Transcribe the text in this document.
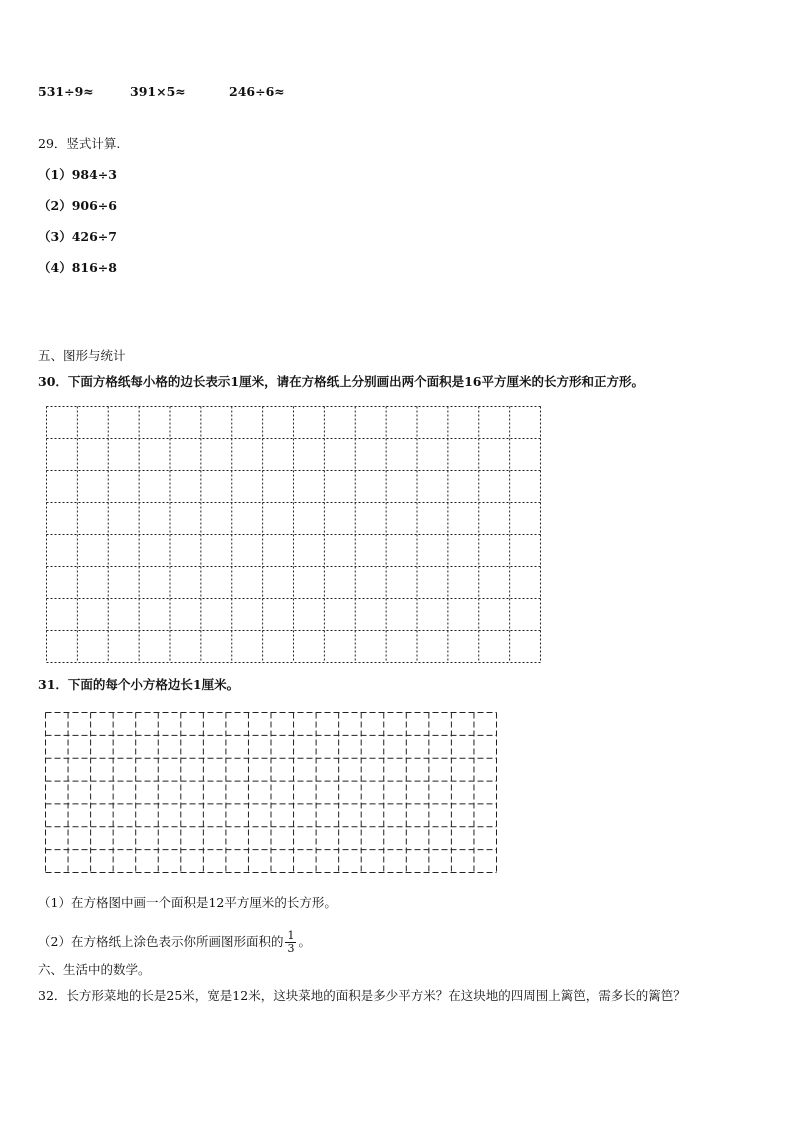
531÷9≈	391×5≈	246÷6≈
29．竖式计算.
（1）984÷3
（2）906÷6
（3）426÷7
（4）816÷8
五、图形与统计
30．下面方格纸每小格的边长表示1厘米，请在方格纸上分别画出两个面积是16平方厘米的长方形和正方形。
31．下面的每个小方格边长1厘米。
（1）在方格图中画一个面积是12平方厘米的长方形。
（2）在方格纸上涂色表示你所画图形面积的 $\frac{1}{3}$ 。
六、生活中的数学。
32．长方形菜地的长是25米，宽是12米，这块菜地的面积是多少平方米？在这块地的四周围上篱笆，需多长的篱笆？
